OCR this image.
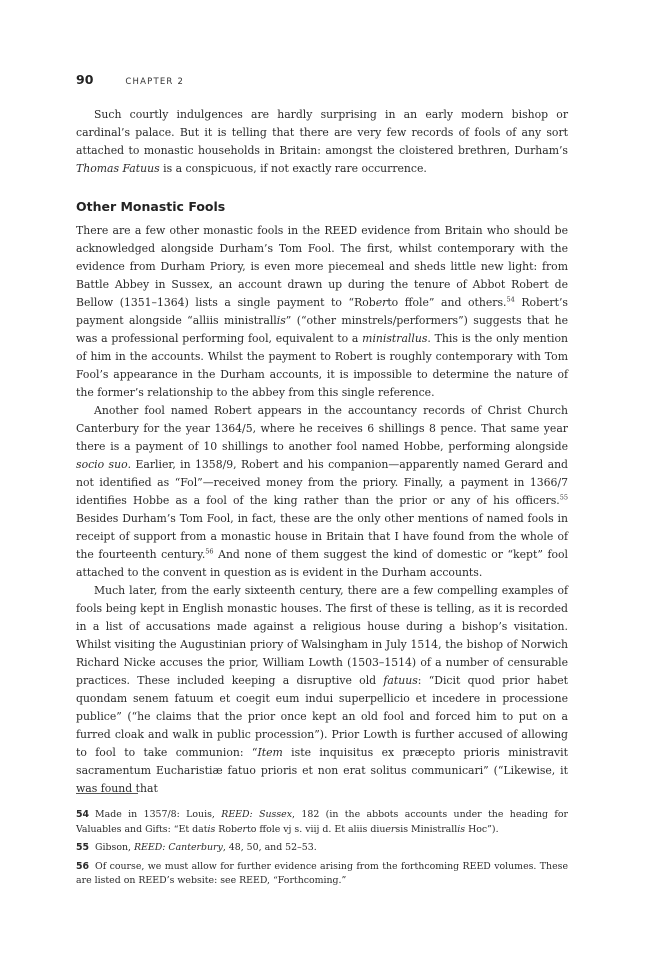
90	CHAPTER 2

Such courtly indulgences are hardly surprising in an early modern bishop or cardinal’s palace. But it is telling that there are very few records of fools of any sort attached to monastic households in Britain: amongst the cloistered brethren, Durham’s Thomas Fatuus is a conspicuous, if not exactly rare occurrence.

Other Monastic Fools

There are a few other monastic fools in the REED evidence from Britain who should be acknowledged alongside Durham’s Tom Fool. The first, whilst contemporary with the evidence from Durham Priory, is even more piecemeal and sheds little new light: from Battle Abbey in Sussex, an account drawn up during the tenure of Abbot Robert de Bellow (1351–1364) lists a single payment to “Roberto ffole” and others.$^{54}$ Robert’s payment alongside “alliis ministrallis” (“other minstrels/performers”) suggests that he was a professional performing fool, equivalent to a ministrallus. This is the only mention of him in the accounts. Whilst the payment to Robert is roughly contemporary with Tom Fool’s appearance in the Durham accounts, it is impossible to determine the nature of the former’s relationship to the abbey from this single reference.

Another fool named Robert appears in the accountancy records of Christ Church Canterbury for the year 1364/5, where he receives 6 shillings 8 pence. That same year there is a payment of 10 shillings to another fool named Hobbe, performing alongside socio suo. Earlier, in 1358/9, Robert and his companion—apparently named Gerard and not identified as “Fol”—received money from the priory. Finally, a payment in 1366/7 identifies Hobbe as a fool of the king rather than the prior or any of his officers.$^{55}$ Besides Durham’s Tom Fool, in fact, these are the only other mentions of named fools in receipt of support from a monastic house in Britain that I have found from the whole of the fourteenth century.$^{56}$ And none of them suggest the kind of domestic or “kept” fool attached to the convent in question as is evident in the Durham accounts.

Much later, from the early sixteenth century, there are a few compelling examples of fools being kept in English monastic houses. The first of these is telling, as it is recorded in a list of accusations made against a religious house during a bishop’s visitation. Whilst visiting the Augustinian priory of Walsingham in July 1514, the bishop of Norwich Richard Nicke accuses the prior, William Lowth (1503–1514) of a number of censurable practices. These included keeping a disruptive old fatuus: “Dicit quod prior habet quondam senem fatuum et coegit eum indui superpellicio et incedere in processione publice” (“he claims that the prior once kept an old fool and forced him to put on a furred cloak and walk in public procession”). Prior Lowth is further accused of allowing to fool to take communion: “Item iste inquisitus ex præcepto prioris ministravit sacramentum Eucharistiæ fatuo prioris et non erat solitus communicari” (“Likewise, it was found that

54 Made in 1357/8: Louis, REED: Sussex, 182 (in the abbots accounts under the heading for Valuables and Gifts: “Et datis Roberto ffole vj s. viij d. Et aliis diuersis Ministrallis Hoc”).

55 Gibson, REED: Canterbury, 48, 50, and 52–53.

56 Of course, we must allow for further evidence arising from the forthcoming REED volumes. These are listed on REED’s website: see REED, “Forthcoming.”
